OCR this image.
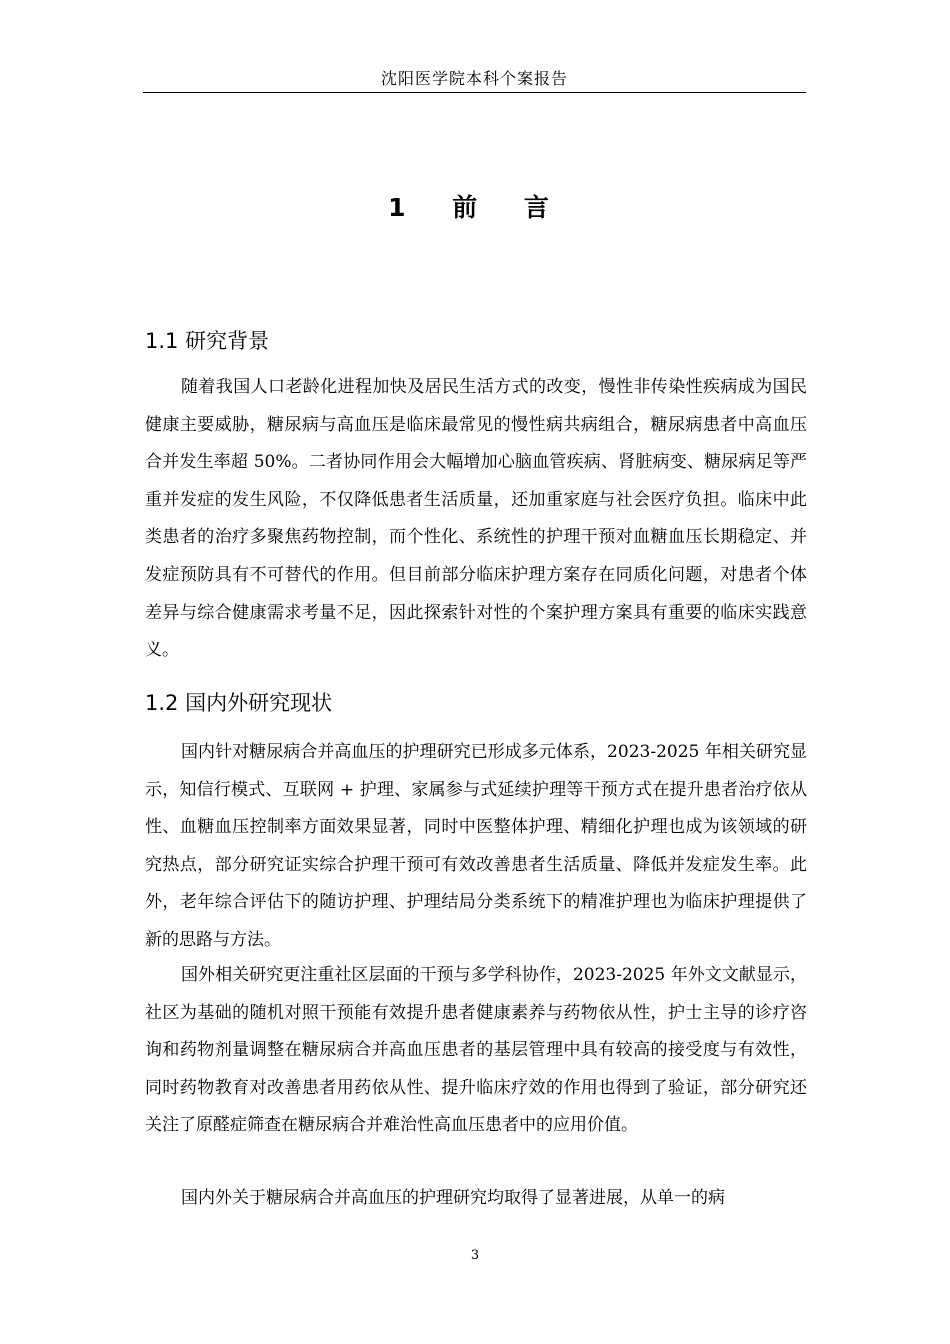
沈阳医学院本科个案报告
1 前 言
1.1 研究背景

随着我国人口老龄化进程加快及居民生活方式的改变，慢性非传染性疾病成为国民健康主要威胁，糖尿病与高血压是临床最常见的慢性病共病组合，糖尿病患者中高血压合并发生率超 50%。二者协同作用会大幅增加心脑血管疾病、肾脏病变、糖尿病足等严重并发症的发生风险，不仅降低患者生活质量，还加重家庭与社会医疗负担。临床中此类患者的治疗多聚焦药物控制，而个性化、系统性的护理干预对血糖血压长期稳定、并发症预防具有不可替代的作用。但目前部分临床护理方案存在同质化问题，对患者个体差异与综合健康需求考量不足，因此探索针对性的个案护理方案具有重要的临床实践意义。

1.2 国内外研究现状

国内针对糖尿病合并高血压的护理研究已形成多元体系，2023-2025 年相关研究显示，知信行模式、互联网 + 护理、家属参与式延续护理等干预方式在提升患者治疗依从性、血糖血压控制率方面效果显著，同时中医整体护理、精细化护理也成为该领域的研究热点，部分研究证实综合护理干预可有效改善患者生活质量、降低并发症发生率。此外，老年综合评估下的随访护理、护理结局分类系统下的精准护理也为临床护理提供了新的思路与方法。

国外相关研究更注重社区层面的干预与多学科协作，2023-2025 年外文文献显示，社区为基础的随机对照干预能有效提升患者健康素养与药物依从性，护士主导的诊疗咨询和药物剂量调整在糖尿病合并高血压患者的基层管理中具有较高的接受度与有效性，同时药物教育对改善患者用药依从性、提升临床疗效的作用也得到了验证，部分研究还关注了原醛症筛查在糖尿病合并难治性高血压患者中的应用价值。

国内外关于糖尿病合并高血压的护理研究均取得了显著进展，从单一的病

3
